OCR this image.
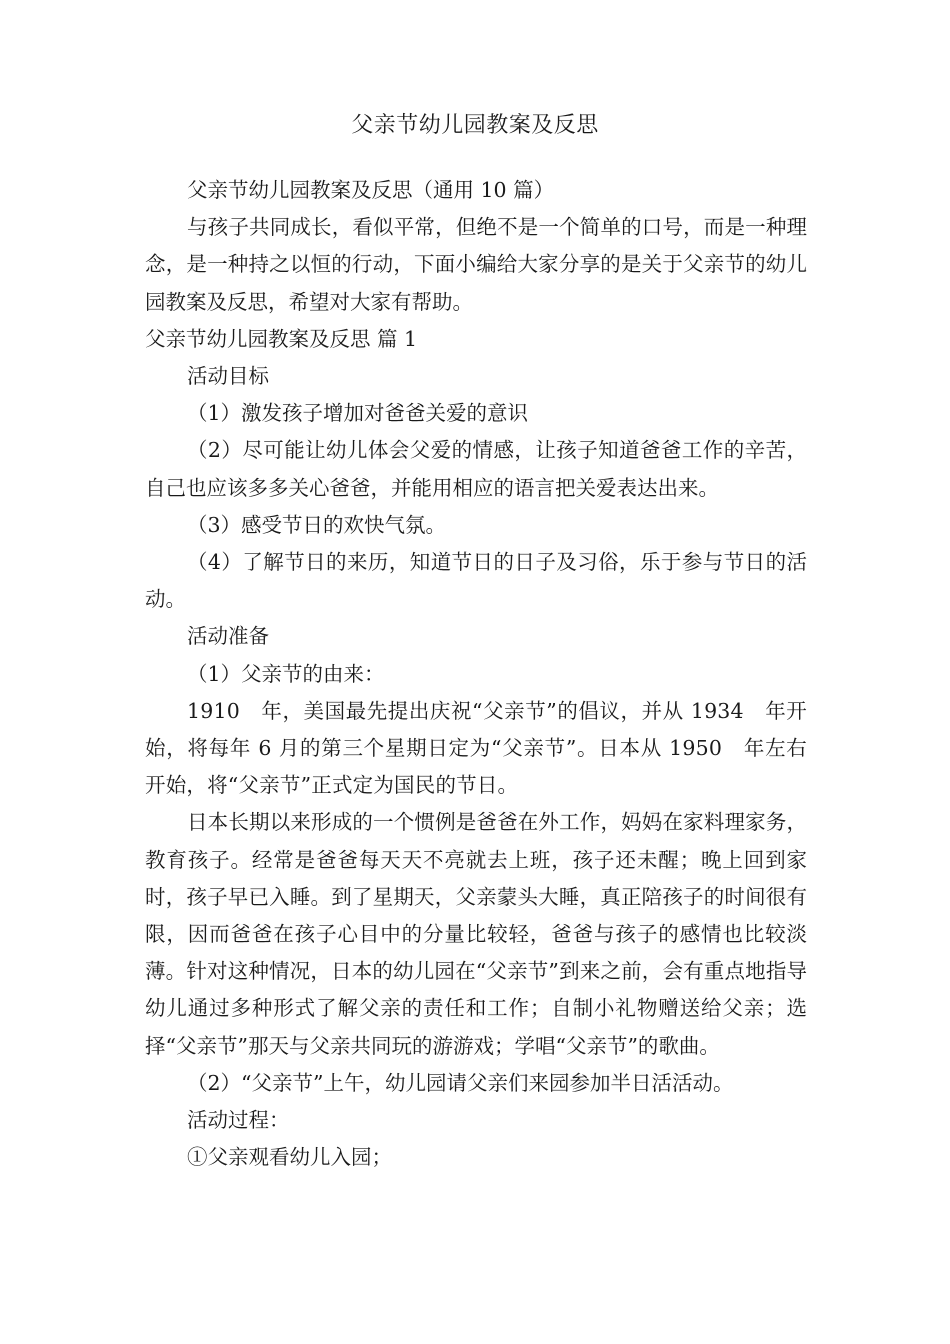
父亲节幼儿园教案及反思

父亲节幼儿园教案及反思（通用 10 篇）

与孩子共同成长，看似平常，但绝不是一个简单的口号，而是一种理念，是一种持之以恒的行动，下面小编给大家分享的是关于父亲节的幼儿园教案及反思，希望对大家有帮助。

父亲节幼儿园教案及反思 篇 1

活动目标

（1）激发孩子增加对爸爸关爱的意识

（2）尽可能让幼儿体会父爱的情感，让孩子知道爸爸工作的辛苦，自己也应该多多关心爸爸，并能用相应的语言把关爱表达出来。

（3）感受节日的欢快气氛。

（4）了解节日的来历，知道节日的日子及习俗，乐于参与节日的活动。

活动准备

（1）父亲节的由来：

1910　年，美国最先提出庆祝“父亲节”的倡议，并从 1934　年开始，将每年 6 月的第三个星期日定为“父亲节”。日本从 1950　年左右开始，将“父亲节”正式定为国民的节日。

日本长期以来形成的一个惯例是爸爸在外工作，妈妈在家料理家务，教育孩子。经常是爸爸每天天不亮就去上班，孩子还未醒；晚上回到家时，孩子早已入睡。到了星期天，父亲蒙头大睡，真正陪孩子的时间很有限，因而爸爸在孩子心目中的分量比较轻，爸爸与孩子的感情也比较淡薄。针对这种情况，日本的幼儿园在“父亲节”到来之前，会有重点地指导幼儿通过多种形式了解父亲的责任和工作；自制小礼物赠送给父亲；选择“父亲节”那天与父亲共同玩的游游戏；学唱“父亲节”的歌曲。

（2）“父亲节”上午，幼儿园请父亲们来园参加半日活活动。

活动过程：

①父亲观看幼儿入园；
